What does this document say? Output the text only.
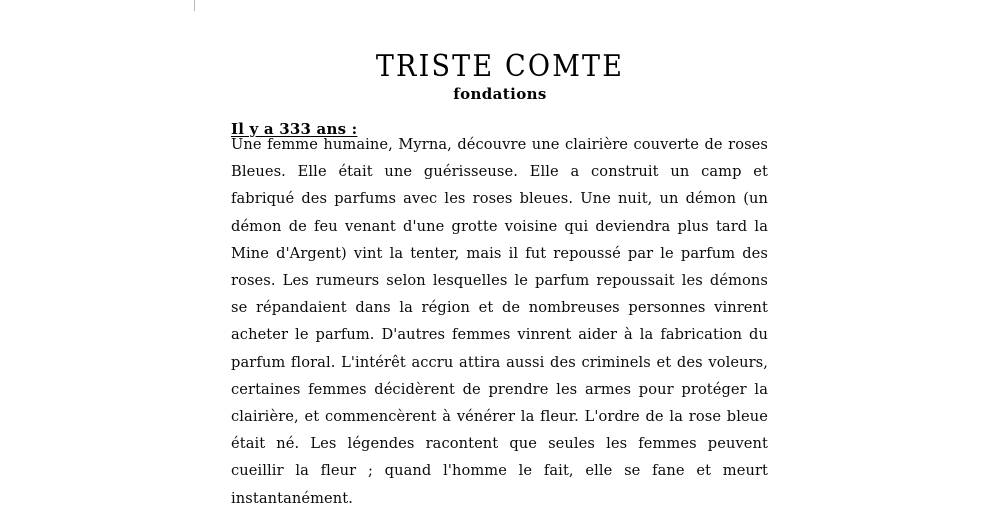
TRISTE COMTE
fondations
Il y a 333 ans :

Une femme humaine, Myrna, découvre une clairière couverte de roses Bleues. Elle était une guérisseuse. Elle a construit un camp et fabriqué des parfums avec les roses bleues. Une nuit, un démon (un démon de feu venant d'une grotte voisine qui deviendra plus tard la Mine d'Argent) vint la tenter, mais il fut repoussé par le parfum des roses. Les rumeurs selon lesquelles le parfum repoussait les démons se répandaient dans la région et de nombreuses personnes vinrent acheter le parfum. D'autres femmes vinrent aider à la fabrication du parfum floral. L'intérêt accru attira aussi des criminels et des voleurs, certaines femmes décidèrent de prendre les armes pour protéger la clairière, et commencèrent à vénérer la fleur. L'ordre de la rose bleue était né. Les légendes racontent que seules les femmes peuvent cueillir la fleur ; quand l'homme le fait, elle se fane et meurt instantanément.
